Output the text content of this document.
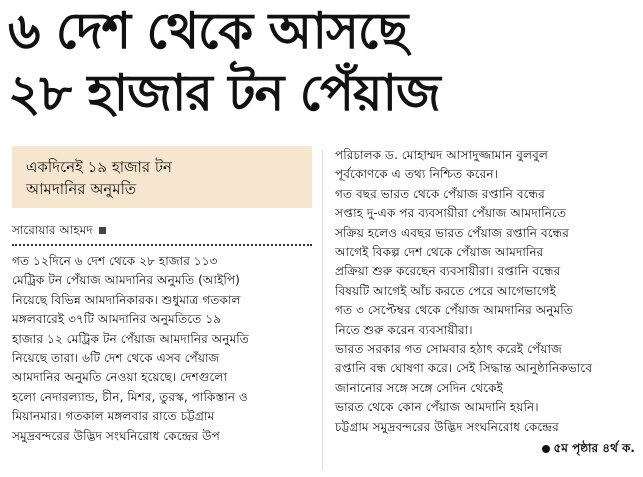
৬ দেশ থেকে আসছে
২৮ হাজার টন পেঁয়াজ
একদিনেই ১৯ হাজার টন
আমদানির অনুমতি
সারোয়ার আহমদ
গত ১২দিনে ৬ দেশ থেকে ২৮ হাজার ১১৩
মেট্রিক টন পেঁয়াজ আমদানির অনুমতি (আইপি)
নিয়েছে বিভিন্ন আমদানিকারক। শুধুমাত্র গতকাল
মঙ্গলবারেই ৩৭টি আমদানির অনুমতিতে ১৯
হাজার ১২ মেট্রিক টন পেঁয়াজ আমদানির অনুমতি
নিয়েছে তারা। ৬টি দেশ থেকে এসব পেঁয়াজ
আমদানির অনুমতি নেওয়া হয়েছে। দেশগুলো
হলো নেদারল্যান্ড, চীন, মিশর, তুরস্ক, পাকিস্তান ও
মিয়ানমার। গতকাল মঙ্গলবার রাতে চট্টগ্রাম
সমুদ্রবন্দরের উদ্ভিদ সংঘনিরোধ কেন্দ্রের উপ
পরিচালক ড. মোহাম্মদ আসাদুজ্জামান বুলবুল
পূর্বকোণকে এ তথ্য নিশ্চিত করেন।
গত বছর ভারত থেকে পেঁয়াজ রপ্তানি বন্ধের
সপ্তাহ দু-এক পর ব্যবসায়ীরা পেঁয়াজ আমদানিতে
সক্রিয় হলেও এবছর ভারত পেঁয়াজ রপ্তানি বন্ধের
আগেই বিকল্প দেশ থেকে পেঁয়াজ আমদানির
প্রক্রিয়া শুরু করেছেন ব্যবসায়ীরা। রপ্তানি বন্ধের
বিষয়টি আগেই আঁচ করতে পেরে আগেভাগেই
গত ৩ সেপ্টেম্বর থেকে পেঁয়াজ আমদানির অনুমতি
নিতে শুরু করেন ব্যবসায়ীরা।
ভারত সরকার গত সোমবার হঠাৎ করেই পেঁয়াজ
রপ্তানি বন্ধ ঘোষণা করে। সেই সিদ্ধান্ত আনুষ্ঠানিকভাবে জানানোর সঙ্গে সঙ্গে সেদিন থেকেই
ভারত থেকে কোন পেঁয়াজ আমদানি হয়নি।
চট্টগ্রাম সমুদ্রবন্দরের উদ্ভিদ সংঘনিরোধ কেন্দ্রের
৫ম পৃষ্ঠার ৪র্থ ক.
